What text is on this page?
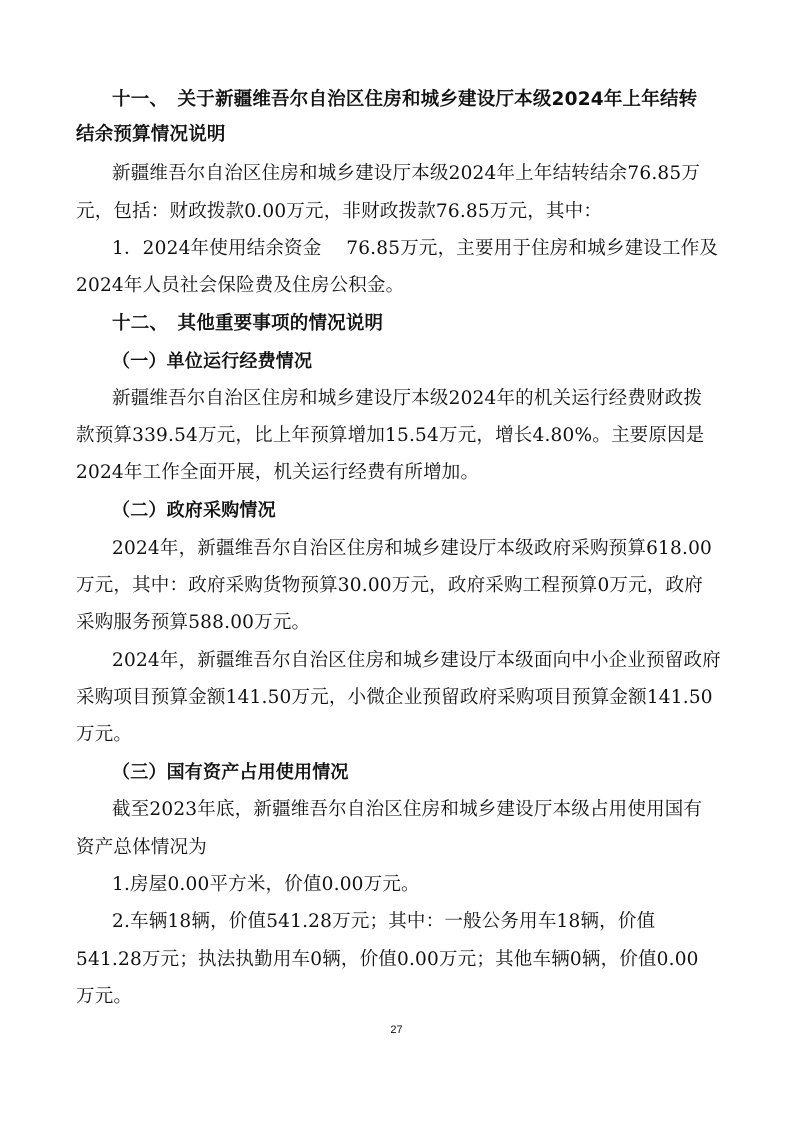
十一、　关于新疆维吾尔自治区住房和城乡建设厅本级2024年上年结转
结余预算情况说明
新疆维吾尔自治区住房和城乡建设厅本级2024年上年结转结余76.85万
元，包括：财政拨款0.00万元，非财政拨款76.85万元，其中：
1．2024年使用结余资金　 76.85万元，主要用于住房和城乡建设工作及
2024年人员社会保险费及住房公积金。
十二、　其他重要事项的情况说明
（一）单位运行经费情况
新疆维吾尔自治区住房和城乡建设厅本级2024年的机关运行经费财政拨
款预算339.54万元，比上年预算增加15.54万元，增长4.80%。主要原因是
2024年工作全面开展，机关运行经费有所增加。
（二）政府采购情况
2024年，新疆维吾尔自治区住房和城乡建设厅本级政府采购预算618.00
万元，其中：政府采购货物预算30.00万元，政府采购工程预算0万元，政府
采购服务预算588.00万元。
2024年，新疆维吾尔自治区住房和城乡建设厅本级面向中小企业预留政府
采购项目预算金额141.50万元，小微企业预留政府采购项目预算金额141.50
万元。
（三）国有资产占用使用情况
截至2023年底，新疆维吾尔自治区住房和城乡建设厅本级占用使用国有
资产总体情况为
1.房屋0.00平方米，价值0.00万元。
2.车辆18辆，价值541.28万元；其中：一般公务用车18辆，价值
541.28万元；执法执勤用车0辆，价值0.00万元；其他车辆0辆，价值0.00
万元。
27
